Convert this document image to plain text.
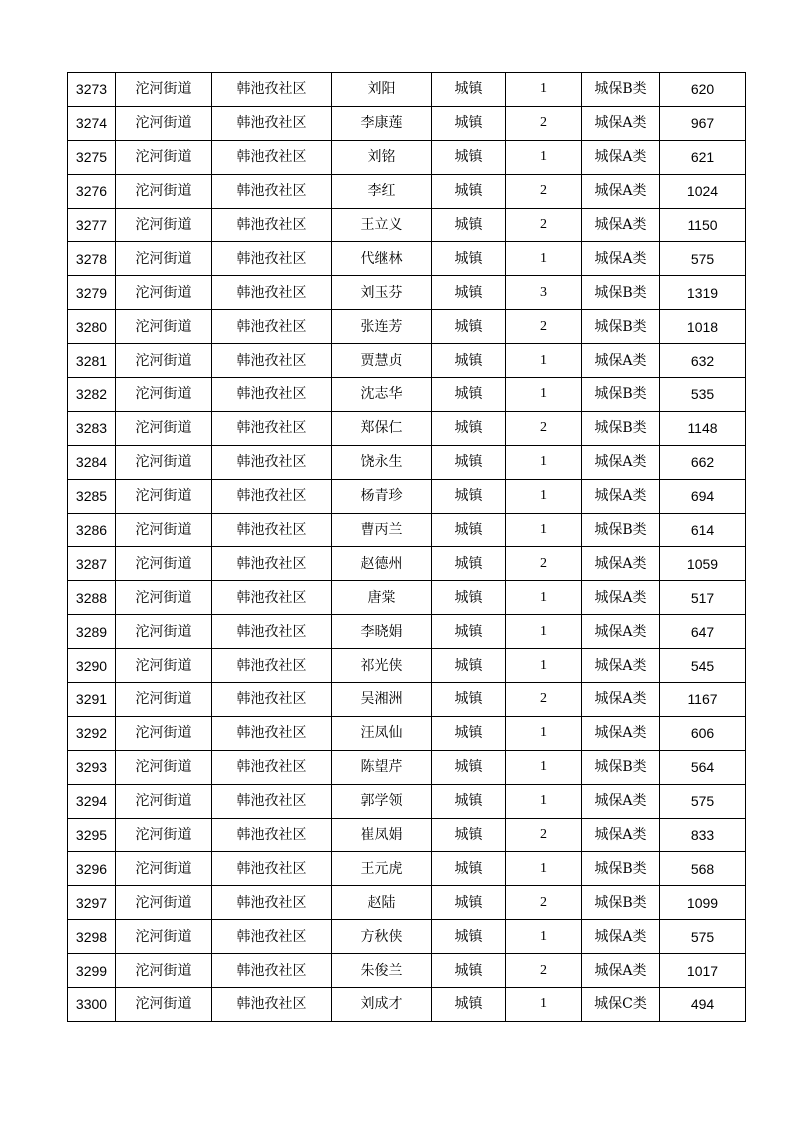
3273	沱河街道	韩池孜社区	刘阳	城镇	1	城保B类	620
3274	沱河街道	韩池孜社区	李康莲	城镇	2	城保A类	967
3275	沱河街道	韩池孜社区	刘铭	城镇	1	城保A类	621
3276	沱河街道	韩池孜社区	李红	城镇	2	城保A类	1024
3277	沱河街道	韩池孜社区	王立义	城镇	2	城保A类	1150
3278	沱河街道	韩池孜社区	代继林	城镇	1	城保A类	575
3279	沱河街道	韩池孜社区	刘玉芬	城镇	3	城保B类	1319
3280	沱河街道	韩池孜社区	张连芳	城镇	2	城保B类	1018
3281	沱河街道	韩池孜社区	贾慧贞	城镇	1	城保A类	632
3282	沱河街道	韩池孜社区	沈志华	城镇	1	城保B类	535
3283	沱河街道	韩池孜社区	郑保仁	城镇	2	城保B类	1148
3284	沱河街道	韩池孜社区	饶永生	城镇	1	城保A类	662
3285	沱河街道	韩池孜社区	杨青珍	城镇	1	城保A类	694
3286	沱河街道	韩池孜社区	曹丙兰	城镇	1	城保B类	614
3287	沱河街道	韩池孜社区	赵德州	城镇	2	城保A类	1059
3288	沱河街道	韩池孜社区	唐棠	城镇	1	城保A类	517
3289	沱河街道	韩池孜社区	李晓娟	城镇	1	城保A类	647
3290	沱河街道	韩池孜社区	祁光侠	城镇	1	城保A类	545
3291	沱河街道	韩池孜社区	吴湘洲	城镇	2	城保A类	1167
3292	沱河街道	韩池孜社区	汪凤仙	城镇	1	城保A类	606
3293	沱河街道	韩池孜社区	陈望芹	城镇	1	城保B类	564
3294	沱河街道	韩池孜社区	郭学领	城镇	1	城保A类	575
3295	沱河街道	韩池孜社区	崔凤娟	城镇	2	城保A类	833
3296	沱河街道	韩池孜社区	王元虎	城镇	1	城保B类	568
3297	沱河街道	韩池孜社区	赵陆	城镇	2	城保B类	1099
3298	沱河街道	韩池孜社区	方秋侠	城镇	1	城保A类	575
3299	沱河街道	韩池孜社区	朱俊兰	城镇	2	城保A类	1017
3300	沱河街道	韩池孜社区	刘成才	城镇	1	城保C类	494
